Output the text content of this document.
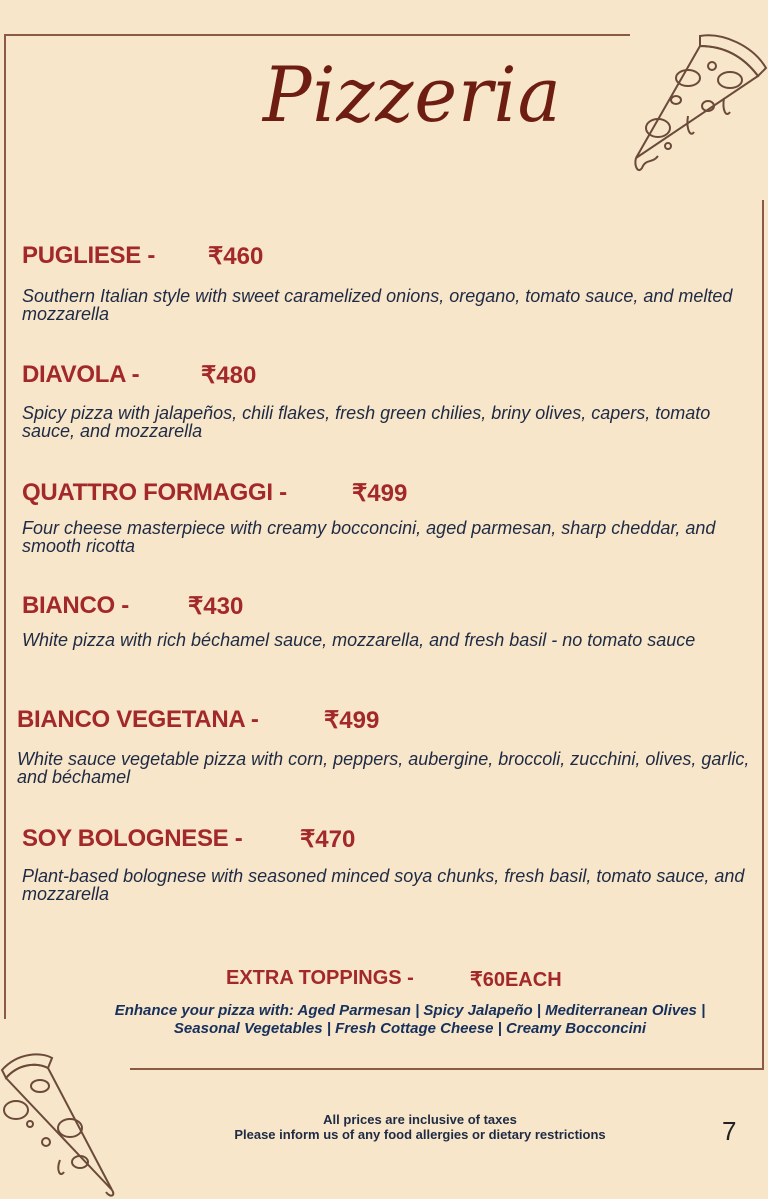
Pizzeria
PUGLIESE - ₹460
Southern Italian style with sweet caramelized onions, oregano, tomato sauce, and melted mozzarella
DIAVOLA -	₹480
Spicy pizza with jalapeños, chili flakes, fresh green chilies, briny olives, capers, tomato sauce, and mozzarella
QUATTRO FORMAGGI -	₹499
Four cheese masterpiece with creamy bocconcini, aged parmesan, sharp cheddar, and smooth ricotta
BIANCO - ₹430
White pizza with rich béchamel sauce, mozzarella, and fresh basil - no tomato sauce
BIANCO VEGETANA -	₹499
White sauce vegetable pizza with corn, peppers, aubergine, broccoli, zucchini, olives, garlic, and béchamel
SOY BOLOGNESE - ₹470
Plant-based bolognese with seasoned minced soya chunks, fresh basil, tomato sauce, and mozzarella
EXTRA TOPPINGS -	₹60EACH
Enhance your pizza with: Aged Parmesan | Spicy Jalapeño | Mediterranean Olives | Seasonal Vegetables | Fresh Cottage Cheese | Creamy Bocconcini
All prices are inclusive of taxes
Please inform us of any food allergies or dietary restrictions	7
